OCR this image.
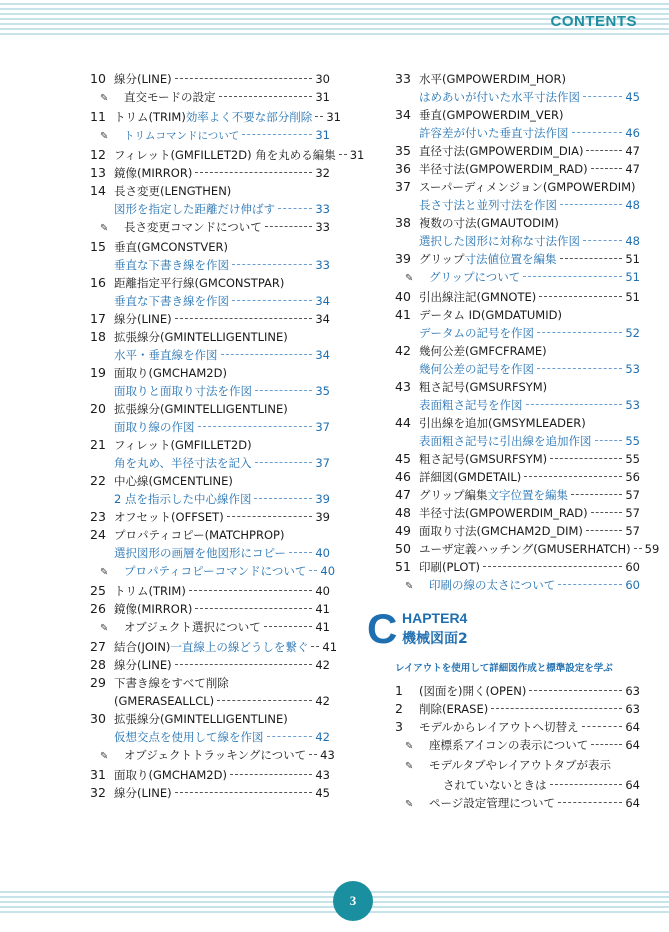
CONTENTS
10 線分(LINE)	30
✎	直交モードの設定	31
11 トリム(TRIM) 効率よく不要な部分削除 31
✎	トリムコマンドについて	31
12 フィレット(GMFILLET2D) 角を丸める編集 31
13 鏡像(MIRROR)	32
14 長さ変更(LENGTHEN)
図形を指定した距離だけ伸ばす	33
✎	長さ変更コマンドについて	33
15 垂直(GMCONSTVER)
垂直な下書き線を作図	33
16 距離指定平行線(GMCONSTPAR)
垂直な下書き線を作図	34
17 線分(LINE)	34
18 拡張線分(GMINTELLIGENTLINE)
水平・垂直線を作図	34
19 面取り(GMCHAM2D)
面取りと面取り寸法を作図	35
20 拡張線分(GMINTELLIGENTLINE)
面取り線の作図	37
21 フィレット(GMFILLET2D)
角を丸め、半径寸法を記入	37
22 中心線(GMCENTLINE)
2 点を指示した中心線作図	39
23 オフセット(OFFSET)	39
24 プロパティコピー(MATCHPROP)
選択図形の画層を他図形にコピー	40
✎	プロパティコピーコマンドについて 40
25 トリム(TRIM)	40
26 鏡像(MIRROR)	41
✎	オブジェクト選択について	41
27 結合(JOIN) 一直線上の線どうしを繋ぐ 41
28 線分(LINE)	42
29 下書き線をすべて削除
(GMERASEALLCL)	42
30 拡張線分(GMINTELLIGENTLINE)
仮想交点を使用して線を作図	42
✎	オブジェクトトラッキングについて 43
31 面取り(GMCHAM2D)	43
32 線分(LINE)	45
33 水平(GMPOWERDIM_HOR)
はめあいが付いた水平寸法作図	45
34 垂直(GMPOWERDIM_VER)
許容差が付いた垂直寸法作図	46
35 直径寸法(GMPOWERDIM_DIA)	47
36 半径寸法(GMPOWERDIM_RAD)	47
37 スーパーディメンジョン(GMPOWERDIM)
長さ寸法と並列寸法を作図	48
38 複数の寸法(GMAUTODIM)
選択した図形に対称な寸法作図	48
39 グリップ 寸法値位置を編集	51
✎	グリップについて	51
40 引出線注記(GMNOTE)	51
41 データム ID(GMDATUMID)
データムの記号を作図	52
42 幾何公差(GMFCFRAME)
幾何公差の記号を作図	53
43 粗さ記号(GMSURFSYM)
表面粗さ記号を作図	53
44 引出線を追加(GMSYMLEADER)
表面粗さ記号に引出線を追加作図	55
45 粗さ記号(GMSURFSYM)	55
46 詳細図(GMDETAIL)	56
47 グリップ編集 文字位置を編集	57
48 半径寸法(GMPOWERDIM_RAD)	57
49 面取り寸法(GMCHAM2D_DIM)	57
50 ユーザ定義ハッチング(GMUSERHATCH) 59
51 印刷(PLOT)	60
✎	印刷の線の太さについて	60
C HAPTER4
機械図面2
レイアウトを使用して詳細図作成と標準設定を学ぶ
1	(図面を)開く(OPEN)	63
2	削除(ERASE)	63
3	モデルからレイアウトへ切替え	64
✎	座標系アイコンの表示について	64
✎	モデルタブやレイアウトタブが表示
されていないときは	64
✎	ページ設定管理について	64
3
